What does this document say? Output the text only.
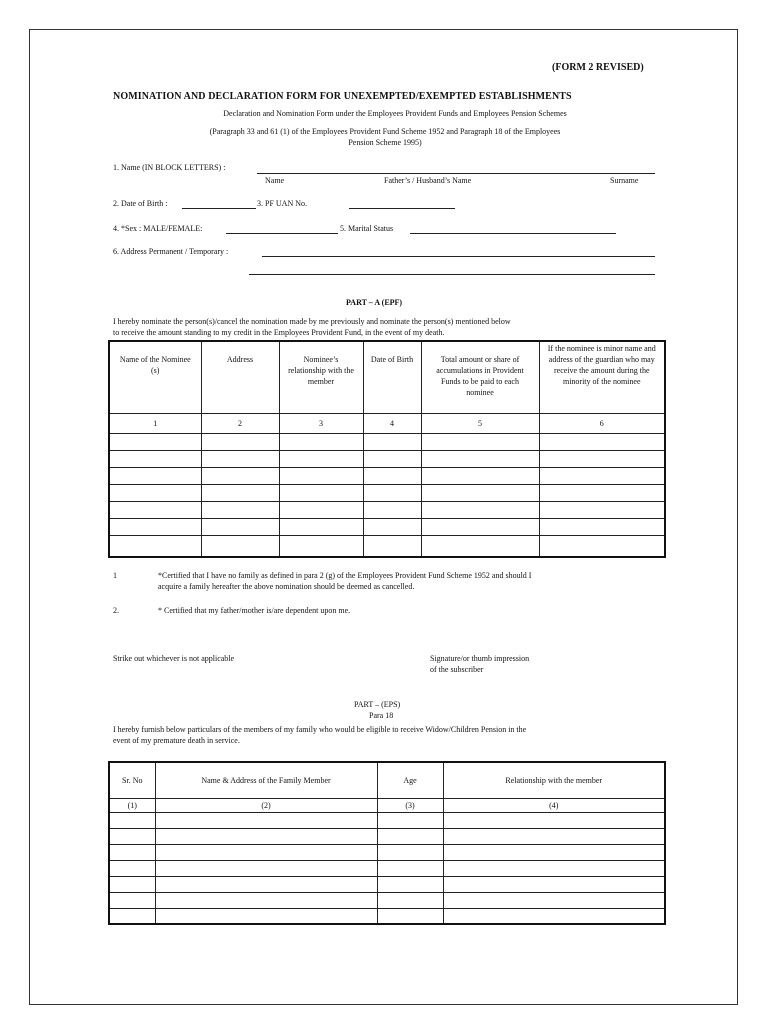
(FORM 2 REVISED)
NOMINATION AND DECLARATION FORM FOR UNEXEMPTED/EXEMPTED ESTABLISHMENTS
Declaration and Nomination Form under the Employees Provident Funds and Employees Pension Schemes
(Paragraph 33 and 61 (1) of the Employees Provident Fund Scheme 1952 and Paragraph 18 of the Employees
Pension Scheme 1995)
1. Name (IN BLOCK LETTERS) :
Name	Father’s / Husband’s Name	Surname
2. Date of Birth :	3. PF UAN No.
4. *Sex : MALE/FEMALE:	5. Marital Status
6. Address Permanent / Temporary :
PART – A (EPF)
I hereby nominate the person(s)/cancel the nomination made by me previously and nominate the person(s) mentioned below
to receive the amount standing to my credit in the Employees Provident Fund, in the event of my death.
Name of the Nominee (s)	Address	Nominee’s relationship with the member	Date of Birth	Total amount or share of accumulations in Provident Funds to be paid to each nominee	If the nominee is minor name and address of the guardian who may receive the amount during the minority of the nominee
1	2	3	4	5	6

1	*Certified that I have no family as defined in para 2 (g) of the Employees Provident Fund Scheme 1952 and should I
acquire a family hereafter the above nomination should be deemed as cancelled.
2.	* Certified that my father/mother is/are dependent upon me.
Strike out whichever is not applicable	Signature/or thumb impression
of the subscriber
PART – (EPS)
Para 18
I hereby furnish below particulars of the members of my family who would be eligible to receive Widow/Children Pension in the
event of my premature death in service.
Sr. No	Name & Address of the Family Member	Age	Relationship with the member
(1)	(2)	(3)	(4)
